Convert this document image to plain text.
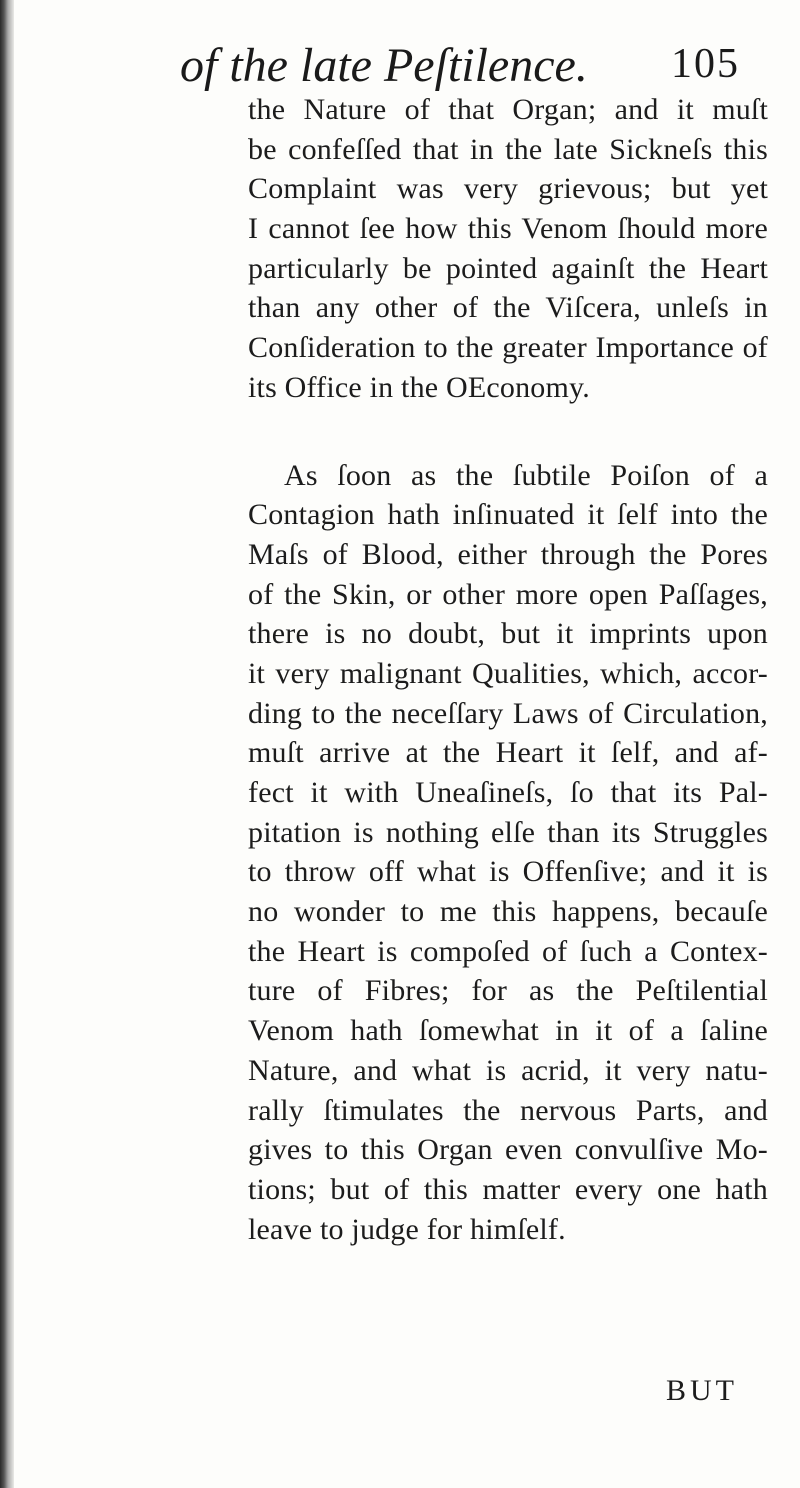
of the late Peſtilence. 105
the Nature of that Organ; and it muſt
be confeſſed that in the late Sickneſs this
Complaint was very grievous; but yet
I cannot ſee how this Venom ſhould more
particularly be pointed againſt the Heart
than any other of the Viſcera, unleſs in
Conſideration to the greater Importance of
its Office in the OEconomy.
As ſoon as the ſubtile Poiſon of a
Contagion hath inſinuated it ſelf into the
Maſs of Blood, either through the Pores
of the Skin, or other more open Paſſages,
there is no doubt, but it imprints upon
it very malignant Qualities, which, accor-
ding to the neceſſary Laws of Circulation,
muſt arrive at the Heart it ſelf, and af-
fect it with Uneaſineſs, ſo that its Pal-
pitation is nothing elſe than its Struggles
to throw off what is Offenſive; and it is
no wonder to me this happens, becauſe
the Heart is compoſed of ſuch a Contex-
ture of Fibres; for as the Peſtilential
Venom hath ſomewhat in it of a ſaline
Nature, and what is acrid, it very natu-
rally ſtimulates the nervous Parts, and
gives to this Organ even convulſive Mo-
tions; but of this matter every one hath
leave to judge for himſelf.
BUT
